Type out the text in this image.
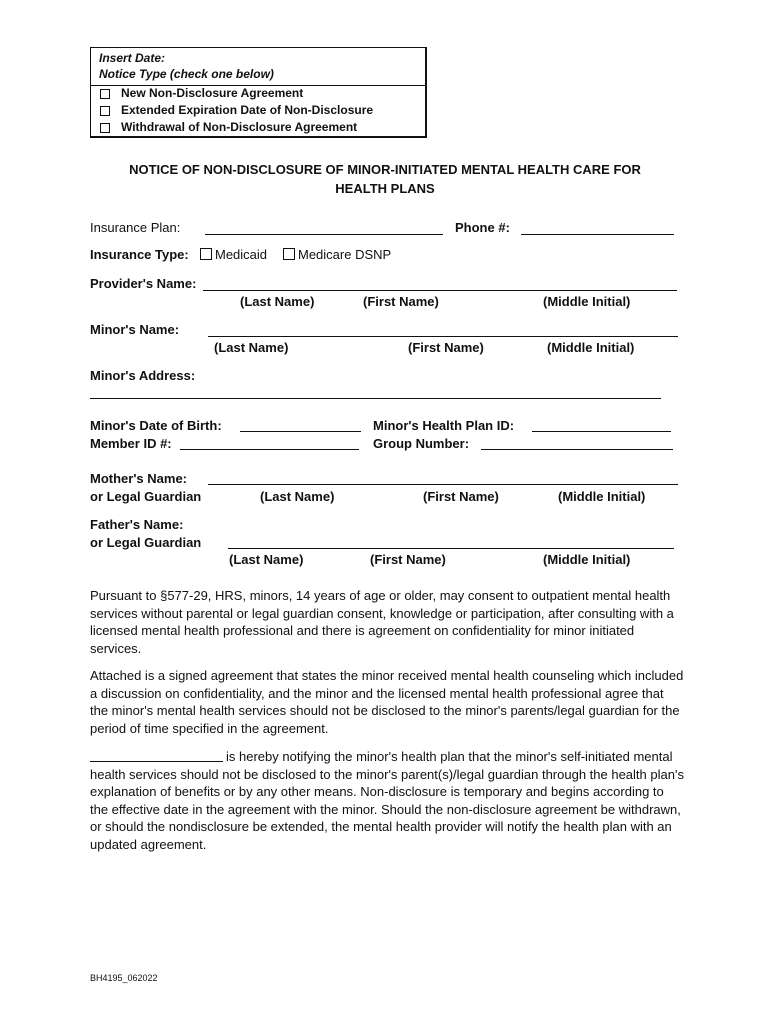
Insert Date:
Notice Type (check one below)
New Non-Disclosure Agreement
Extended Expiration Date of Non-Disclosure
Withdrawal of Non-Disclosure Agreement
NOTICE OF NON-DISCLOSURE OF MINOR-INITIATED MENTAL HEALTH CARE FOR
HEALTH PLANS
Insurance Plan:	Phone #:
Insurance Type:	Medicaid	Medicare DSNP
Provider's Name:
(Last Name)	(First Name)	(Middle Initial)
Minor's Name:
(Last Name)	(First Name)	(Middle Initial)
Minor's Address:
Minor's Date of Birth:	Minor's Health Plan ID:
Member ID #:	Group Number:
Mother's Name:
or Legal Guardian	(Last Name)	(First Name)	(Middle Initial)
Father's Name:
or Legal Guardian
(Last Name)	(First Name)	(Middle Initial)
Pursuant to §577-29, HRS, minors, 14 years of age or older, may consent to outpatient mental health services without parental or legal guardian consent, knowledge or participation, after consulting with a licensed mental health professional and there is agreement on confidentiality for minor initiated services.
Attached is a signed agreement that states the minor received mental health counseling which included a discussion on confidentiality, and the minor and the licensed mental health professional agree that the minor's mental health services should not be disclosed to the minor's parents/legal guardian for the period of time specified in the agreement.
is hereby notifying the minor's health plan that the minor's self-initiated mental health services should not be disclosed to the minor's parent(s)/legal guardian through the health plan's explanation of benefits or by any other means. Non-disclosure is temporary and begins according to the effective date in the agreement with the minor. Should the non-disclosure agreement be withdrawn, or should the nondisclosure be extended, the mental health provider will notify the health plan with an updated agreement.
BH4195_062022
